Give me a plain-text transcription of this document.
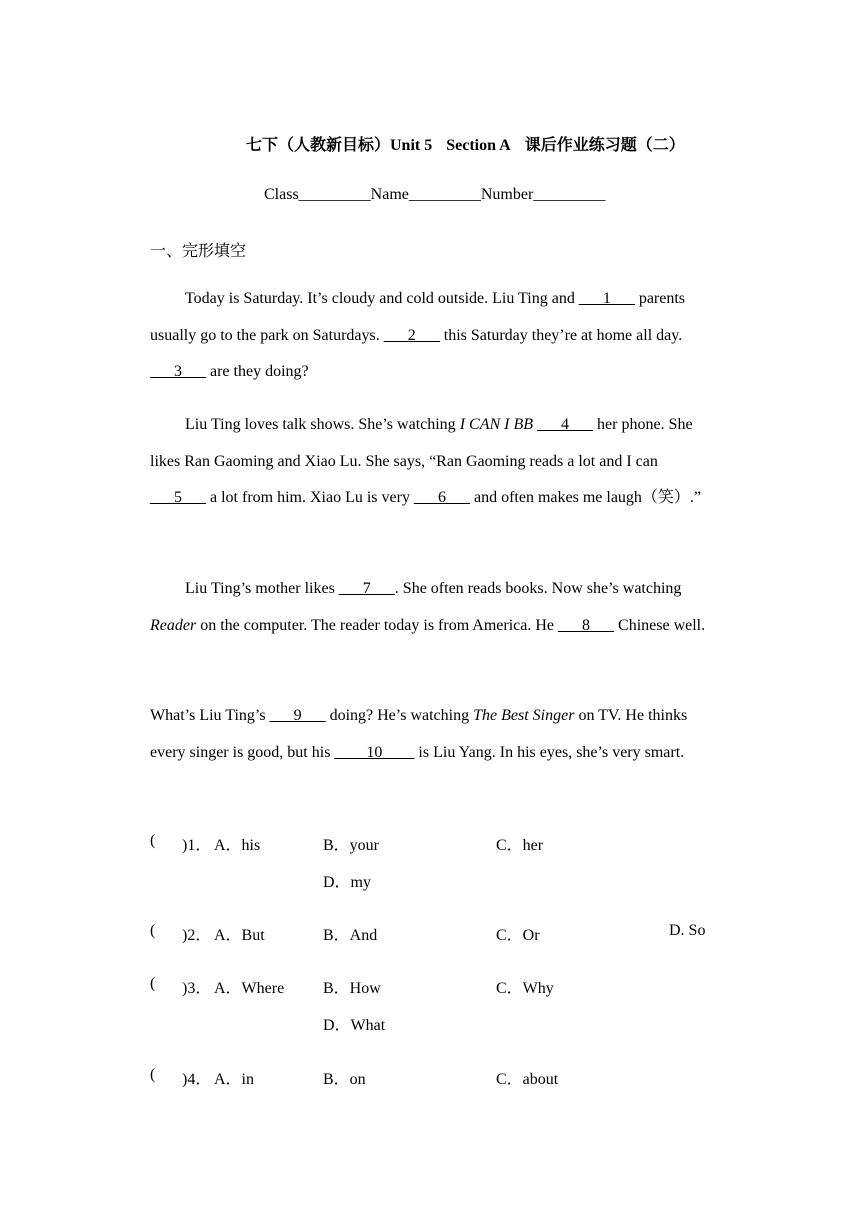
七下（人教新目标）Unit 5 Section A 课后作业练习题（二）
Class_________Name_________Number_________
一、完形填空
Today is Saturday. It’s cloudy and cold outside. Liu Ting and ___1___ parents usually go to the park on Saturdays. ___2___ this Saturday they’re at home all day. ___3___ are they doing?
Liu Ting loves talk shows. She’s watching I CAN I BB ___4___ her phone. She likes Ran Gaoming and Xiao Lu. She says, “Ran Gaoming reads a lot and I can ___5___ a lot from him. Xiao Lu is very ___6___ and often makes me laugh（笑）.”
Liu Ting’s mother likes ___7___. She often reads books. Now she’s watching Reader on the computer. The reader today is from America. He ___8___ Chinese well.
What’s Liu Ting’s ___9___ doing? He’s watching The Best Singer on TV. He thinks every singer is good, but his ____10____ is Liu Yang. In his eyes, she’s very smart.
( )1． A．his	B．your	C．her
D．my
( )2． A．But	B．And	C．Or	D. So
( )3． A．Where B．How	C．Why
D．What
( )4． A．in	B．on	C．about
